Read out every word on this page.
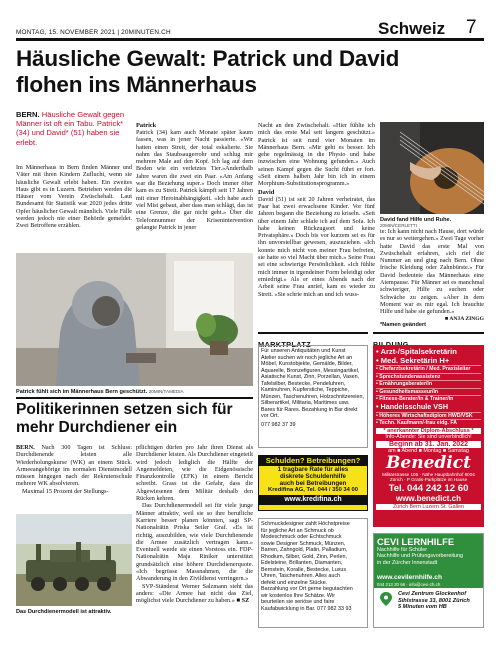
MONTAG, 15. NOVEMBER 2021 | 20MINUTEN.CH	Schweiz 7
Häusliche Gewalt: Patrick und David flohen ins Männerhaus
BERN. Häusliche Gewalt gegen Männer ist oft ein Tabu. Patrick* (34) und David* (51) haben sie erlebt.

Im Männerhaus in Bern finden Männer und Väter mit ihren Kindern Zuflucht, wenn sie häusliche Gewalt erlebt haben. Ein zweites Haus gibt es in Luzern. Betrieben werden die Häuser vom Verein Zwüschehalt. Laut Bundesamt für Statistik war 2020 jedes dritte Opfer häuslicher Gewalt männlich. Viele Fälle werden jedoch nie einer Behörde gemeldet. Zwei Betroffene erzählen.

Patrick fühlt sich im Männerhaus Bern geschützt. 20MIN/TAMEDIA
Patrick

Patrick (34) kam auch Monate später kaum fassen, was in jener Nacht passierte. «Wir hatten einen Streit, der total eskalierte. Sie nahm das Staubsaugerrohr und schlug mir mehrere Male auf den Kopf. Ich lag auf dem Boden wie ein verletztes Tier.»Anderthalb Jahre waren die zwei ein Paar. «Am Anfang war die Beziehung super.» Doch immer öfter kam es zu Streit. Patrick kämpft seit 17 Jahren mit einer Heroinabhängigkeit. «Ich habe auch viel Mist gebaut, aber dass man schlägt, das ist eine Grenze, die gar nicht geht.» Über die Telefonnummer der Krisenintervention gelangte Patrick in jener

Nacht an den Zwüschehalt. «Hier fühlte ich mich das erste Mal seit langem geschützt.» Patrick ist seit rund vier Monaten im Männerhaus Bern. «Mir geht es besser. Ich gehe regelmässig in die Physio und habe inzwischen eine Wohnung gefunden.» Auch seinen Kampf gegen die Sucht führt er fort. «Seit einem halben Jahr bin ich in einem Morphium-Substitutionsprogramm.»

David

David (51) ist seit 20 Jahren verheiratet, das Paar hat zwei erwachsene Kinder. Vor fünf Jahren begann die Beziehung zu kriseln. «Seit über einem Jahr schlafe ich auf dem Sofa. Ich habe keinen Rückzugsort und keine Privatsphäre.» Doch bis vor kurzem sei es für ihn unvorstellbar gewesen, auszuziehen. «Ich konnte mich nicht von meiner Frau befreien, sie hatte so viel Macht über mich.» Seine Frau sei eine schwierige Persönlichkeit. «Ich fühlte mich immer in irgendeiner Form beleidigt oder erniedrigt.» Als er eines Abends nach der Arbeit seine Frau anrief, kam es wieder zu Streit. «Sie schrie mich an und ich wuss-

David fand Hilfe und Ruhe. 20MIN/CERLETTI

te: Ich kann nicht nach Hause, dort würde es nur so weitergehen.» Zwei Tage vorher hatte David das erste Mal von Zwüschehalt erfahren, «ich rief die Nummer an und ging nach Bern. Ohne frische Kleidung oder Zahnbürste.» Für David bedeutete das Männerhaus eine Atempause. Für Männer sei es manchmal schwieriger, Hilfe zu suchen oder Schwäche zu zeigen. «Aber in dem Moment war es mir egal. Ich brauchte Hilfe und habe sie gefunden.»

■ ANJA ZINGG
*Namen geändert
Politikerinnen setzen sich für mehr Durchdiener ein

BERN. Nach 300 Tagen ist Schluss: Durchdienende leisten alle Wiederholungskurse (WK) an einem Stück. Armeeangehörige im normalen Dienstmodell müssen hingegen nach der Rekrutenschule mehrere WK absolvieren.

Maximal 15 Prozent der Stellungs-

Das Durchdienermodell ist attraktiv.

pflichtigen dürfen pro Jahr ihren Dienst als Durchdiener leisten. Als Durchdiener eingeteilt wird jedoch lediglich die Hälfte der Angemeldeten, wie die Eidgenössische Finanzkontrolle (EFK) in einem Bericht schreibt. Grass ist die Gefahr, dass die Abgewiesenen dem Militär deshalb den Rücken kehren.

Das Durchdienermodell sei für viele junge Männer attraktiv, weil sie so ihre berufliche Karriere besser planen könnten, sagt SP-Nationalrätin Priska Seiler Graf. «Es ist richtig, auszubilden, wie viele Durchdienende die Armee zusätzlich vertragen kann.» Eventuell werde sie einen Vorstoss ein. FDP-Nationalrätin Maja Riniker unterstützt grundsätzlich eine höhere Durchdienerquote. «Ich begrüsse Massnahmen, die die Abwanderung in den Zivildienst verringern.»

SVP-Ständerat Werner Salzmann sieht das anders: «Die Armee hat nicht das Ziel, möglichst viele Durchdiener zu haben.» ■ SZ

MARKTPLATZ
Für unseren Antiquitäten und Kunst
Atelier suchen wir noch jegliche Art an
Möbel, Kunstobjekte, Gemälde, Bilder,
Aquarelle, Bronzefiguren, Messingartikel,
Asiatische Kunst, Zinn, Porzellan, Vasen,
Tafelsilber, Bestecke, Pendeluhren,
Kaminuhren, Kupferstiche, Teppiche,
Münzen, Taschenuhren, Holzschnitzereien,
Silberartikel, Militaria, Maritimes usw.
Bares für Rares. Bezahlung in Bar direkt
vor Ort.
077 982 37 39
Schulden? Betreibungen?
1 tragbare Rate für alles
diskrete Schuldenhilfe
auch bei Betreibungen
Kredifina AG, Tel. 044 / 350 34 00
www.kredifina.ch
Schmuckdesigner zahlt Höchstpreise
für jegliche Art an Schmuck ob
Modeschmuck oder Echtschmuck
sowie Designer Schmuck, Münzen,
Barren, Zahngold, Platin, Palladium,
Rhodium, Silber, Gold, Zinn, Perlen,
Edelsteine, Brillanten, Diamanten,
Bernstein, Koralle, Bestecke, Luxus
Uhren, Taschenuhren. Alles auch
defekt und einzelne Stücke.
Barzahlung vor Ort gerne begutachten
wir kostenlos Ihre Schätze. Wir
beurteilen sie seriöse und faire
Kaufabwicklung in Bar. 077 982 33 93
• Arzt-/Spitalsekretärin
• Med. Sekretärin H+
• Chefarztsekretärin / Med. Praxisleiter
• Sprechstundenassistenz
• Ernährungsberater/in
• Gesundheitsmasseur/in
• Fitness-Berater/in & Trainer/in
• Handelsschule VSH
• Höheres Wirtschaftsdiplom HWD/VSK
• Techn. Kaufmann/-frau eidg. FA
* anerkannter Diplom-Abschluss *
Info-Abende: Sie sind unverbindlich!
Beginn ab 31. Jan. 2022
am ■ Abend ■ Montag ■ Samstag
Benedict
Militärstrasse 106 · Nähe Hauptbahnhof 8004 Zürich · P Gratis-Parkplätze im Hause
Tel. 044 242 12 60
www.benedict.ch
Zürich Bern Luzern St. Gallen
CEVI LERNHILFE
Nachhilfe für Schüler
Nachhilfe und Prüfungsvorbereitung
in der Zürcher Innenstadt
www.cevilernhilfe.ch
044 213 20 66 · info@cevi-zh.ch
Cevi Zentrum Glockenhof
Sihlstrasse 33, 8001 Zürich
5 Minuten vom HB
